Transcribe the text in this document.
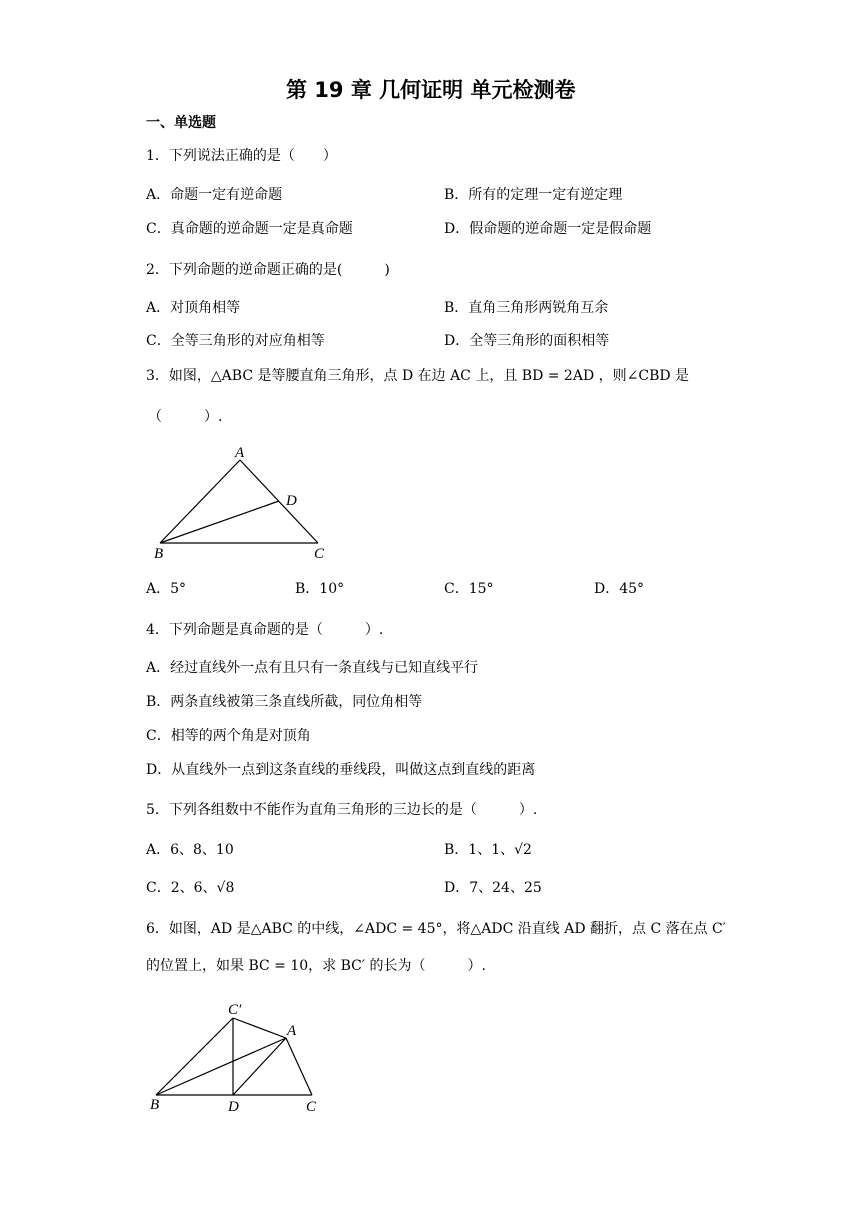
第 19 章 几何证明 单元检测卷
一、单选题
1．下列说法正确的是（　　）
A．命题一定有逆命题	B．所有的定理一定有逆定理
C．真命题的逆命题一定是真命题	D．假命题的逆命题一定是假命题
2．下列命题的逆命题正确的是(　　　)
A．对顶角相等	B．直角三角形两锐角互余
C．全等三角形的对应角相等	D．全等三角形的面积相等
3．如图，△ABC 是等腰直角三角形，点 D 在边 AC 上，且 BD = 2AD ，则∠CBD 是
（　　　）.
A
D
B	C
A．5°	B．10°	C．15°	D．45°
4．下列命题是真命题的是（　　　）.
A．经过直线外一点有且只有一条直线与已知直线平行
B．两条直线被第三条直线所截，同位角相等
C．相等的两个角是对顶角
D．从直线外一点到这条直线的垂线段，叫做这点到直线的距离
5．下列各组数中不能作为直角三角形的三边长的是（　　　）.
A．6、8、10	B．1、1、√2
C．2、6、√8	D．7、24、25
6．如图，AD 是△ABC 的中线，∠ADC = 45°，将△ADC 沿直线 AD 翻折，点 C 落在点 C′
的位置上，如果 BC = 10，求 BC′ 的长为（　　　）.
C′
A
B	D	C
